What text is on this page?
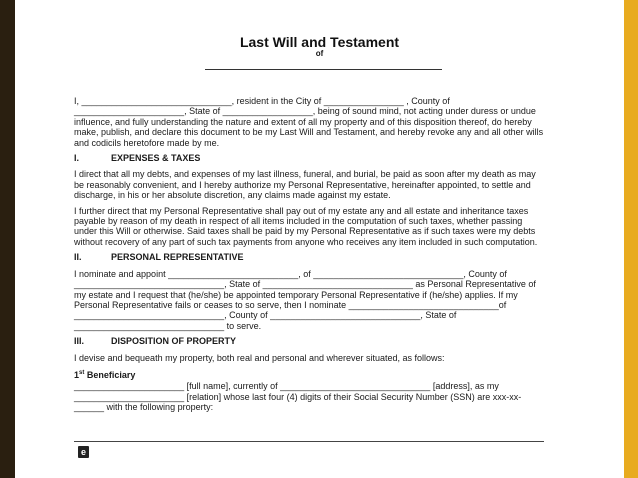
Last Will and Testament
of

I, ______________________________, resident in the City of ________________ , County of ______________________, State of __________________, being of sound mind, not acting under duress or undue influence, and fully understanding the nature and extent of all my property and of this disposition thereof, do hereby make, publish, and declare this document to be my Last Will and Testament, and hereby revoke any and all other wills and codicils heretofore made by me.

I.	EXPENSES & TAXES

I direct that all my debts, and expenses of my last illness, funeral, and burial, be paid as soon after my death as may be reasonably convenient, and I hereby authorize my Personal Representative, hereinafter appointed, to settle and discharge, in his or her absolute discretion, any claims made against my estate.

I further direct that my Personal Representative shall pay out of my estate any and all estate and inheritance taxes payable by reason of my death in respect of all items included in the computation of such taxes, whether passing under this Will or otherwise. Said taxes shall be paid by my Personal Representative as if such taxes were my debts without recovery of any part of such tax payments from anyone who receives any item included in such computation.

II.	PERSONAL REPRESENTATIVE

I nominate and appoint __________________________, of ______________________________, County of ______________________________, State of ______________________________ as Personal Representative of my estate and I request that (he/she) be appointed temporary Personal Representative if (he/she) applies. If my Personal Representative fails or ceases to so serve, then I nominate ______________________________of ______________________________, County of ______________________________, State of ______________________________ to serve.

III.	DISPOSITION OF PROPERTY

I devise and bequeath my property, both real and personal and wherever situated, as follows:

1st Beneficiary

______________________ [full name], currently of ______________________________ [address], as my ______________________ [relation] whose last four (4) digits of their Social Security Number (SSN) are xxx-xx-______ with the following property:

e
